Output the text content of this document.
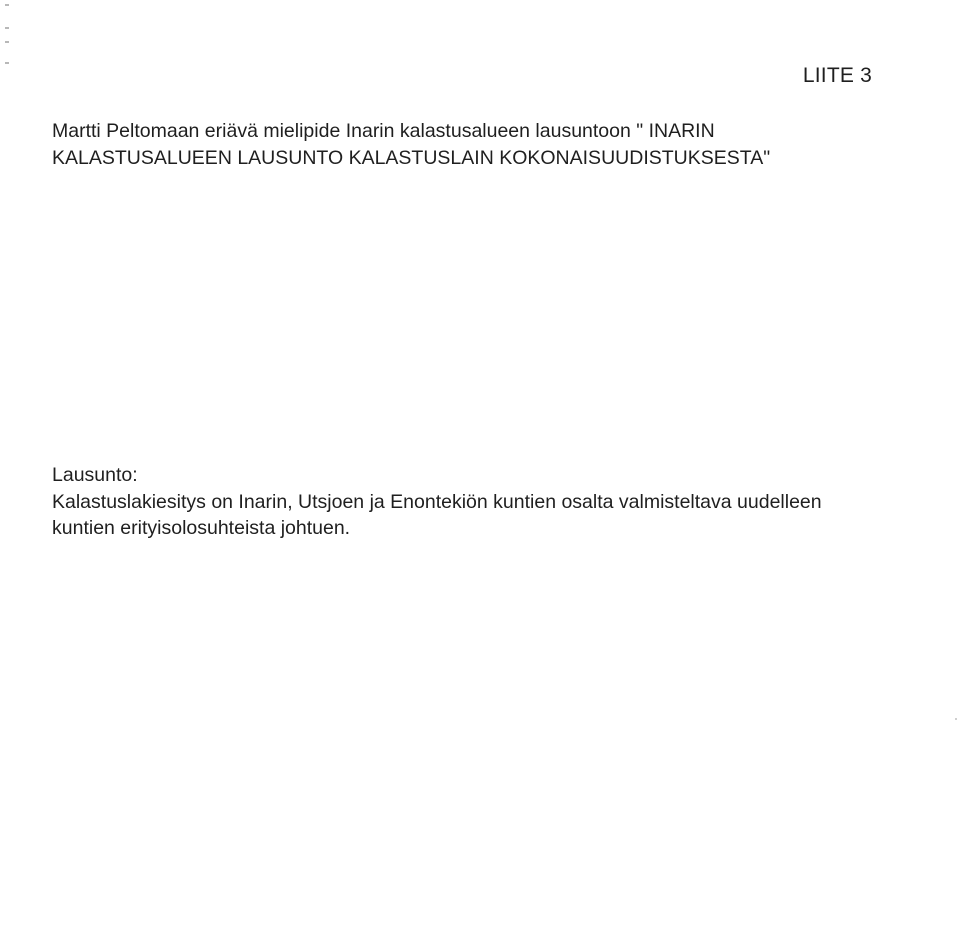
LIITE 3
Martti Peltomaan eriävä mielipide Inarin kalastusalueen lausuntoon " INARIN
KALASTUSALUEEN LAUSUNTO KALASTUSLAIN KOKONAISUUDISTUKSESTA"

Lausunto:

Kalastuslakiesitys on Inarin, Utsjoen ja Enontekiön kuntien osalta valmisteltava uudelleen

kuntien erityisolosuhteista johtuen.
